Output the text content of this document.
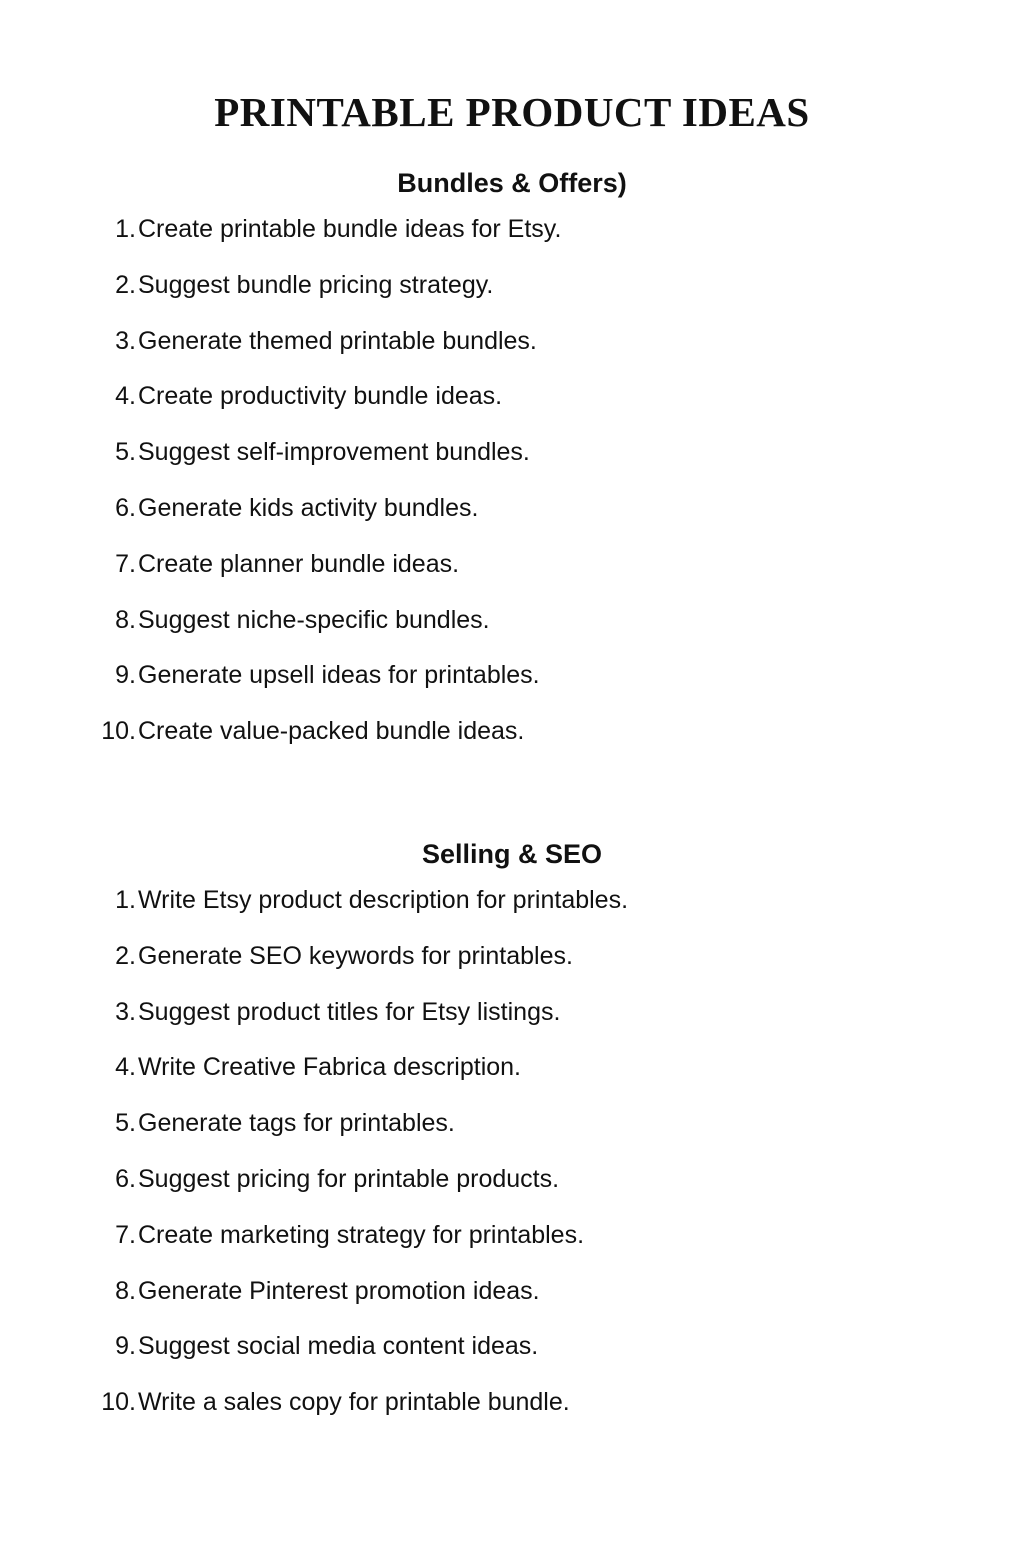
PRINTABLE PRODUCT IDEAS
Bundles & Offers)
1. Create printable bundle ideas for Etsy.
2. Suggest bundle pricing strategy.
3. Generate themed printable bundles.
4. Create productivity bundle ideas.
5. Suggest self-improvement bundles.
6. Generate kids activity bundles.
7. Create planner bundle ideas.
8. Suggest niche-specific bundles.
9. Generate upsell ideas for printables.
10. Create value-packed bundle ideas.
Selling & SEO
1. Write Etsy product description for printables.
2. Generate SEO keywords for printables.
3. Suggest product titles for Etsy listings.
4. Write Creative Fabrica description.
5. Generate tags for printables.
6. Suggest pricing for printable products.
7. Create marketing strategy for printables.
8. Generate Pinterest promotion ideas.
9. Suggest social media content ideas.
10. Write a sales copy for printable bundle.
